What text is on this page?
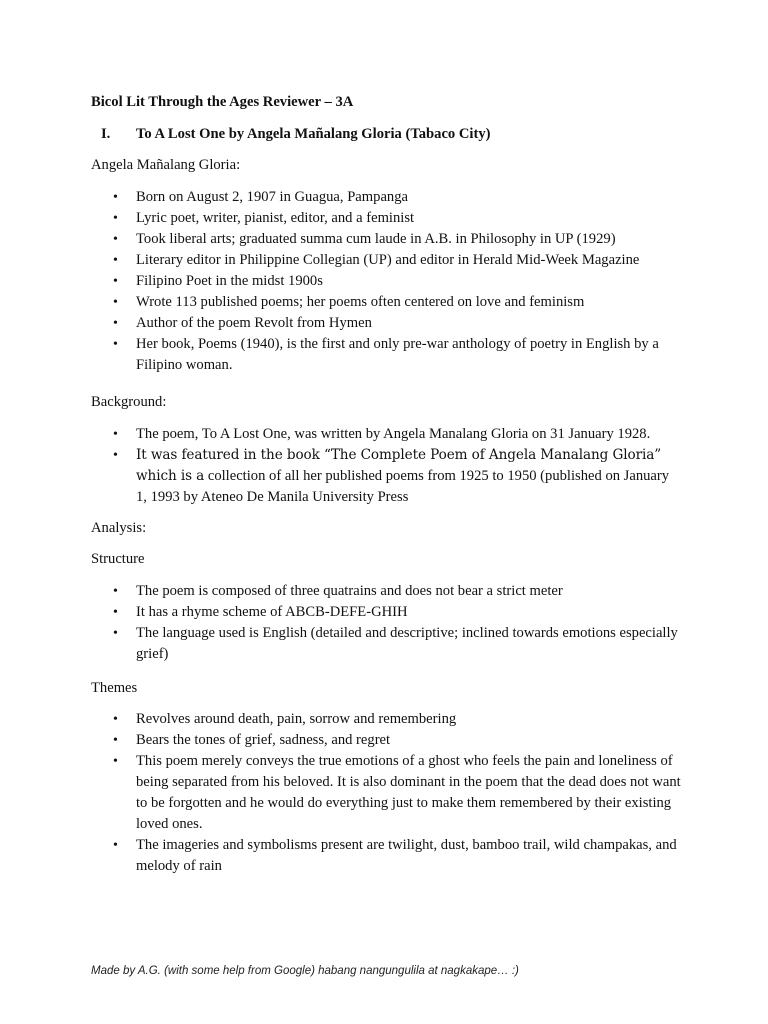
Bicol Lit Through the Ages Reviewer – 3A

I. To A Lost One by Angela Mañalang Gloria (Tabaco City)

Angela Mañalang Gloria:

• Born on August 2, 1907 in Guagua, Pampanga
• Lyric poet, writer, pianist, editor, and a feminist
• Took liberal arts; graduated summa cum laude in A.B. in Philosophy in UP (1929)
• Literary editor in Philippine Collegian (UP) and editor in Herald Mid-Week Magazine
• Filipino Poet in the midst 1900s
• Wrote 113 published poems; her poems often centered on love and feminism
• Author of the poem Revolt from Hymen
• Her book, Poems (1940), is the first and only pre-war anthology of poetry in English by a Filipino woman.

Background:

• The poem, To A Lost One, was written by Angela Manalang Gloria on 31 January 1928.
• It was featured in the book “The Complete Poem of Angela Manalang Gloria” which is a collection of all her published poems from 1925 to 1950 (published on January 1, 1993 by Ateneo De Manila University Press

Analysis:

Structure

• The poem is composed of three quatrains and does not bear a strict meter
• It has a rhyme scheme of ABCB-DEFE-GHIH
• The language used is English (detailed and descriptive; inclined towards emotions especially grief)

Themes

• Revolves around death, pain, sorrow and remembering
• Bears the tones of grief, sadness, and regret
• This poem merely conveys the true emotions of a ghost who feels the pain and loneliness of being separated from his beloved. It is also dominant in the poem that the dead does not want to be forgotten and he would do everything just to make them remembered by their existing loved ones.
• The imageries and symbolisms present are twilight, dust, bamboo trail, wild champakas, and melody of rain

Made by A.G. (with some help from Google) habang nangungulila at nagkakape… :)
